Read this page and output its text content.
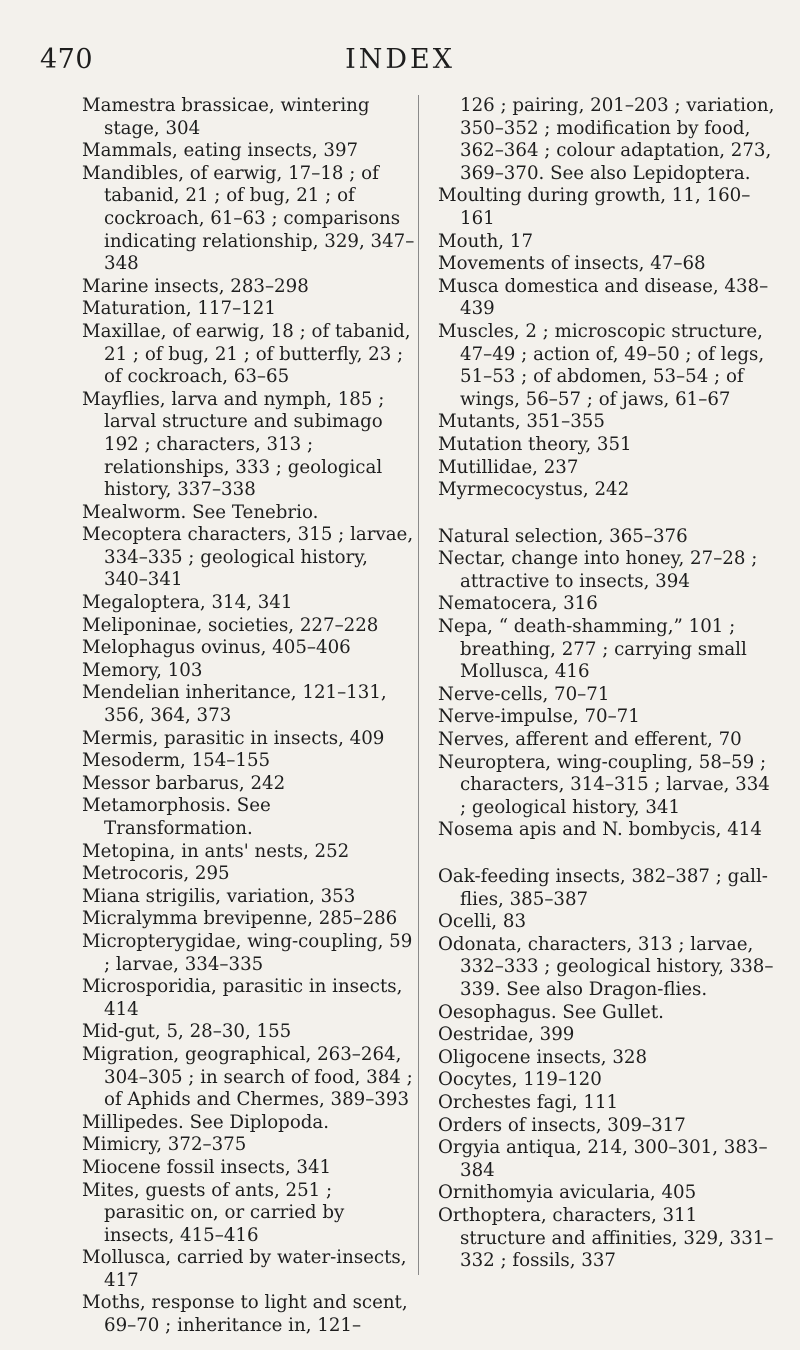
470	INDEX

Mamestra brassicae, wintering stage, 304

Mammals, eating insects, 397

Mandibles, of earwig, 17–18 ; of tabanid, 21 ; of bug, 21 ; of cockroach, 61–63 ; comparisons indicating relationship, 329, 347–348

Marine insects, 283–298

Maturation, 117–121

Maxillae, of earwig, 18 ; of tabanid, 21 ; of bug, 21 ; of butterfly, 23 ; of cockroach, 63–65

Mayflies, larva and nymph, 185 ; larval structure and subimago 192 ; characters, 313 ; relationships, 333 ; geological history, 337–338

Mealworm. See Tenebrio.

Mecoptera characters, 315 ; larvae, 334–335 ; geological history, 340–341

Megaloptera, 314, 341

Meliponinae, societies, 227–228

Melophagus ovinus, 405–406

Memory, 103

Mendelian inheritance, 121–131, 356, 364, 373

Mermis, parasitic in insects, 409

Mesoderm, 154–155

Messor barbarus, 242

Metamorphosis. See Transformation.

Metopina, in ants' nests, 252

Metrocoris, 295

Miana strigilis, variation, 353

Micralymma brevipenne, 285–286

Micropterygidae, wing-coupling, 59 ; larvae, 334–335

Microsporidia, parasitic in insects, 414

Mid-gut, 5, 28–30, 155

Migration, geographical, 263–264, 304–305 ; in search of food, 384 ; of Aphids and Chermes, 389–393

Millipedes. See Diplopoda.

Mimicry, 372–375

Miocene fossil insects, 341

Mites, guests of ants, 251 ; parasitic on, or carried by insects, 415–416

Mollusca, carried by water-insects, 417

Moths, response to light and scent, 69–70 ; inheritance in, 121–

126 ; pairing, 201–203 ; variation, 350–352 ; modification by food, 362–364 ; colour adaptation, 273, 369–370. See also Lepidoptera.

Moulting during growth, 11, 160–161

Mouth, 17

Movements of insects, 47–68

Musca domestica and disease, 438–439

Muscles, 2 ; microscopic structure, 47–49 ; action of, 49–50 ; of legs, 51–53 ; of abdomen, 53–54 ; of wings, 56–57 ; of jaws, 61–67

Mutants, 351–355

Mutation theory, 351

Mutillidae, 237

Myrmecocystus, 242

Natural selection, 365–376

Nectar, change into honey, 27–28 ; attractive to insects, 394

Nematocera, 316

Nepa, “ death-shamming,” 101 ; breathing, 277 ; carrying small Mollusca, 416

Nerve-cells, 70–71

Nerve-impulse, 70–71

Nerves, afferent and efferent, 70

Neuroptera, wing-coupling, 58–59 ; characters, 314–315 ; larvae, 334 ; geological history, 341

Nosema apis and N. bombycis, 414

Oak-feeding insects, 382–387 ; gall-flies, 385–387

Ocelli, 83

Odonata, characters, 313 ; larvae, 332–333 ; geological history, 338–339. See also Dragon-flies.

Oesophagus. See Gullet.

Oestridae, 399

Oligocene insects, 328

Oocytes, 119–120

Orchestes fagi, 111

Orders of insects, 309–317

Orgyia antiqua, 214, 300–301, 383–384

Ornithomyia avicularia, 405

Orthoptera, characters, 311 structure and affinities, 329, 331–332 ; fossils, 337
